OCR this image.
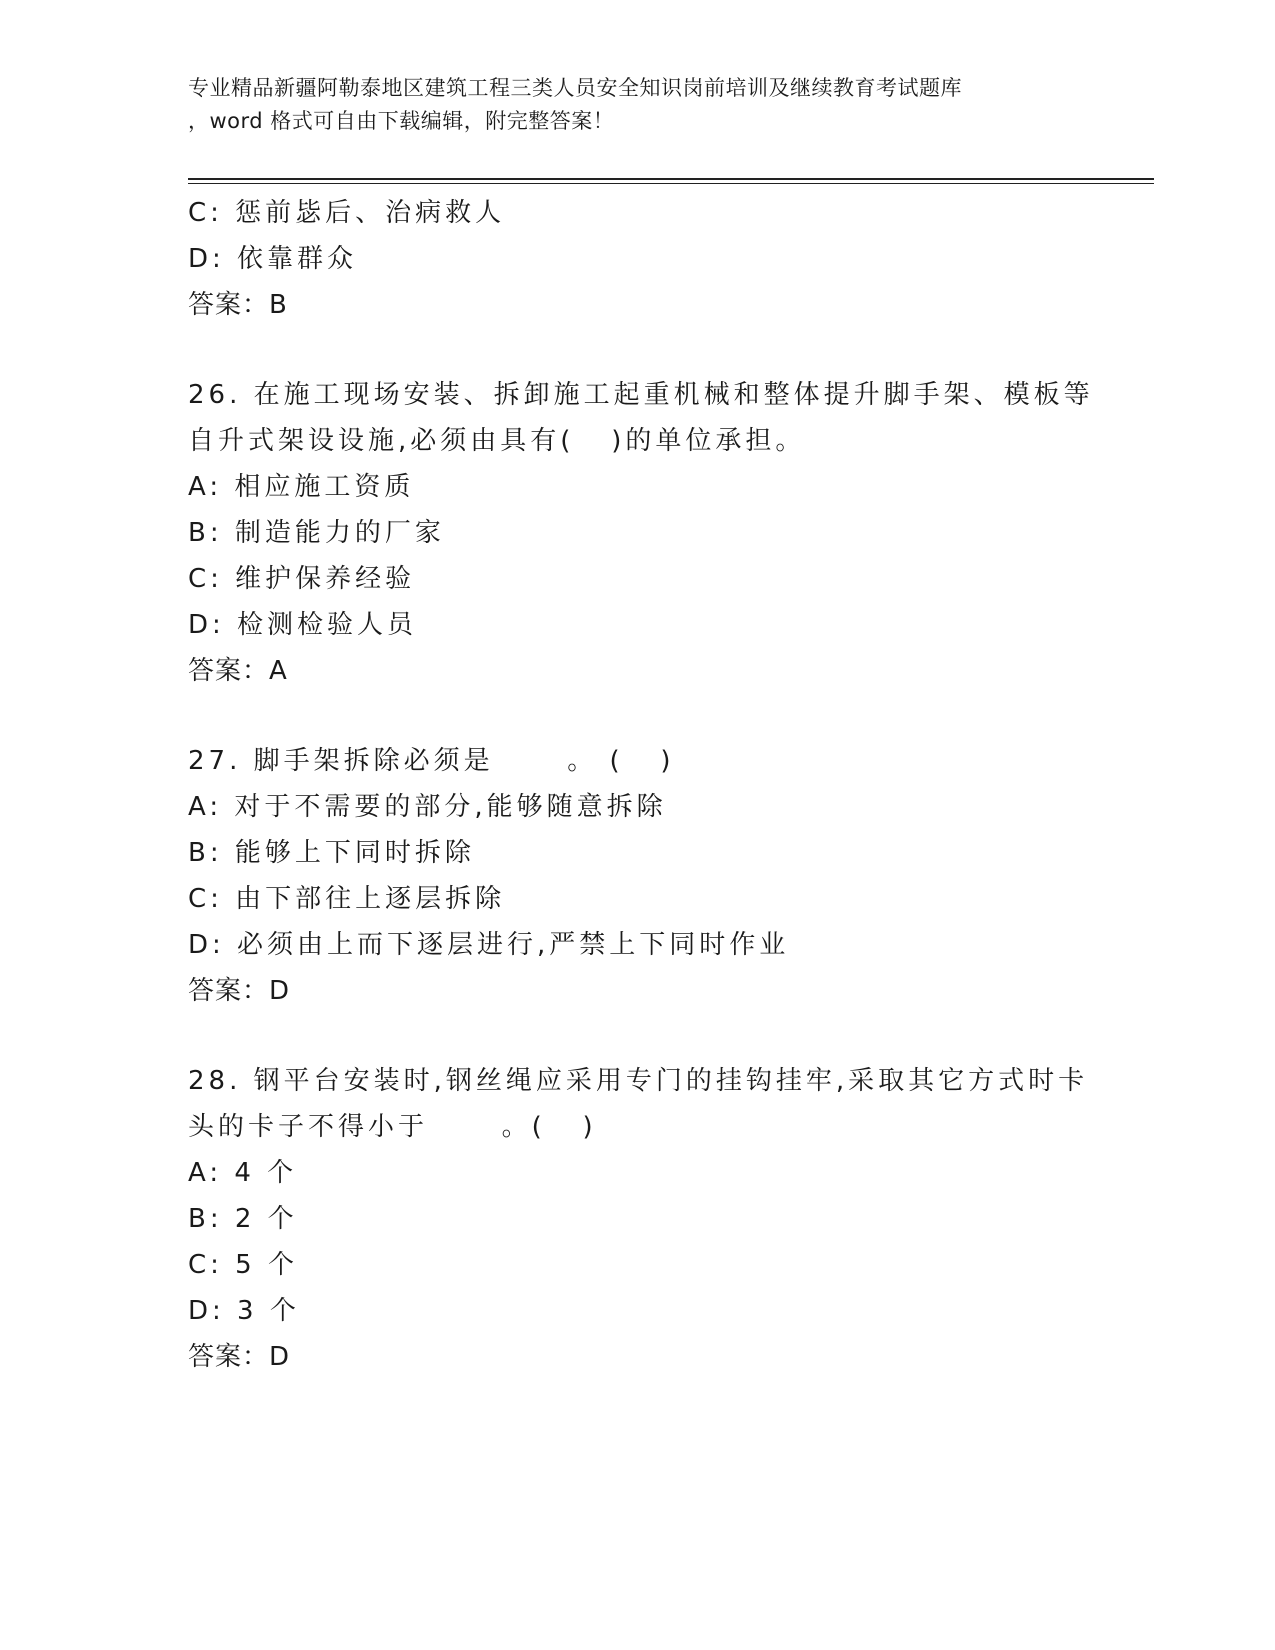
专业精品新疆阿勒泰地区建筑工程三类人员安全知识岗前培训及继续教育考试题库
，word 格式可自由下载编辑，附完整答案！

C: 惩前毖后、治病救人

D: 依靠群众

答案：B

26. 在施工现场安装、拆卸施工起重机械和整体提升脚手架、模板等

自升式架设设施,必须由具有(   )的单位承担。

A: 相应施工资质

B: 制造能力的厂家

C: 维护保养经验

D: 检测检验人员

答案：A

27. 脚手架拆除必须是      。 (   )

A: 对于不需要的部分,能够随意拆除

B: 能够上下同时拆除

C: 由下部往上逐层拆除

D: 必须由上而下逐层进行,严禁上下同时作业

答案：D

28. 钢平台安装时,钢丝绳应采用专门的挂钩挂牢,采取其它方式时卡

头的卡子不得小于      。(   )

A: 4 个

B: 2 个

C: 5 个

D: 3 个

答案：D
